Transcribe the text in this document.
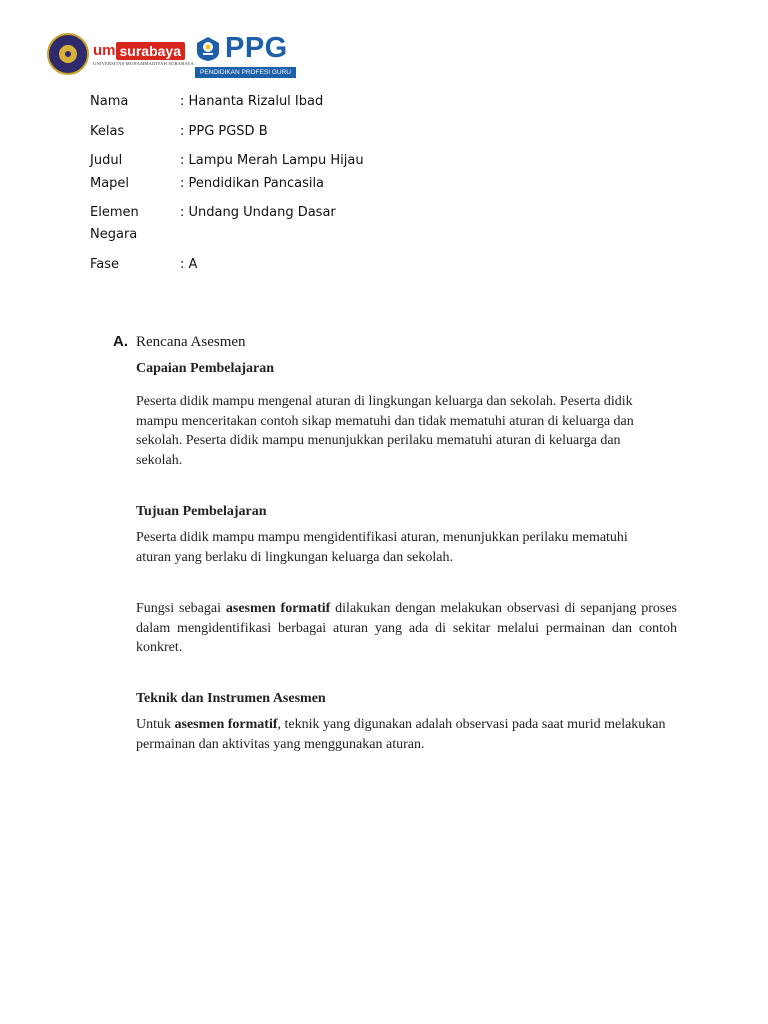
um surabaya
UNIVERSITAS MUHAMMADIYAH SURABAYA	PPG
PENDIDIKAN PROFESI GURU
Nama	: Hananta Rizalul Ibad
Kelas	: PPG PGSD B
Judul	: Lampu Merah Lampu Hijau
Mapel	: Pendidikan Pancasila
Elemen	: Undang Undang Dasar
Negara
Fase	: A
A. Rencana Asesmen
Capaian Pembelajaran
Peserta didik mampu mengenal aturan di lingkungan keluarga dan sekolah. Peserta didik mampu menceritakan contoh sikap mematuhi dan tidak mematuhi aturan di keluarga dan sekolah. Peserta didik mampu menunjukkan perilaku mematuhi aturan di keluarga dan sekolah.
Tujuan Pembelajaran
Peserta didik mampu mampu mengidentifikasi aturan, menunjukkan perilaku mematuhi aturan yang berlaku di lingkungan keluarga dan sekolah.
Fungsi sebagai asesmen formatif dilakukan dengan melakukan observasi di sepanjang proses dalam mengidentifikasi berbagai aturan yang ada di sekitar melalui permainan dan contoh konkret.
Teknik dan Instrumen Asesmen
Untuk asesmen formatif, teknik yang digunakan adalah observasi pada saat murid melakukan permainan dan aktivitas yang menggunakan aturan.
